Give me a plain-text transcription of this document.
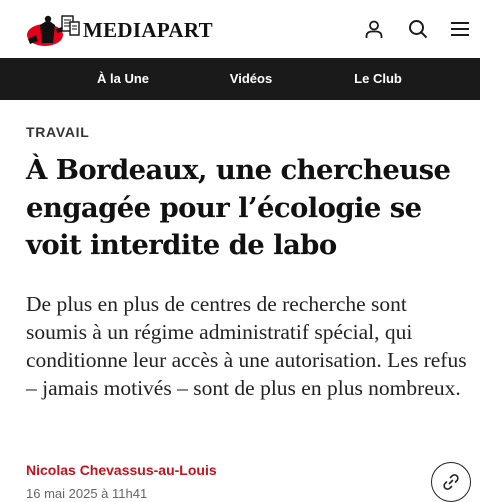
MEDIAPART
À la Une	Vidéos	Le Club
TRAVAIL
À Bordeaux, une chercheuse engagée pour l’écologie se voit interdite de labo

De plus en plus de centres de recherche sont soumis à un régime administratif spécial, qui conditionne leur accès à une autorisation. Les refus – jamais motivés – sont de plus en plus nombreux.

Nicolas Chevassus-au-Louis
16 mai 2025 à 11h41
